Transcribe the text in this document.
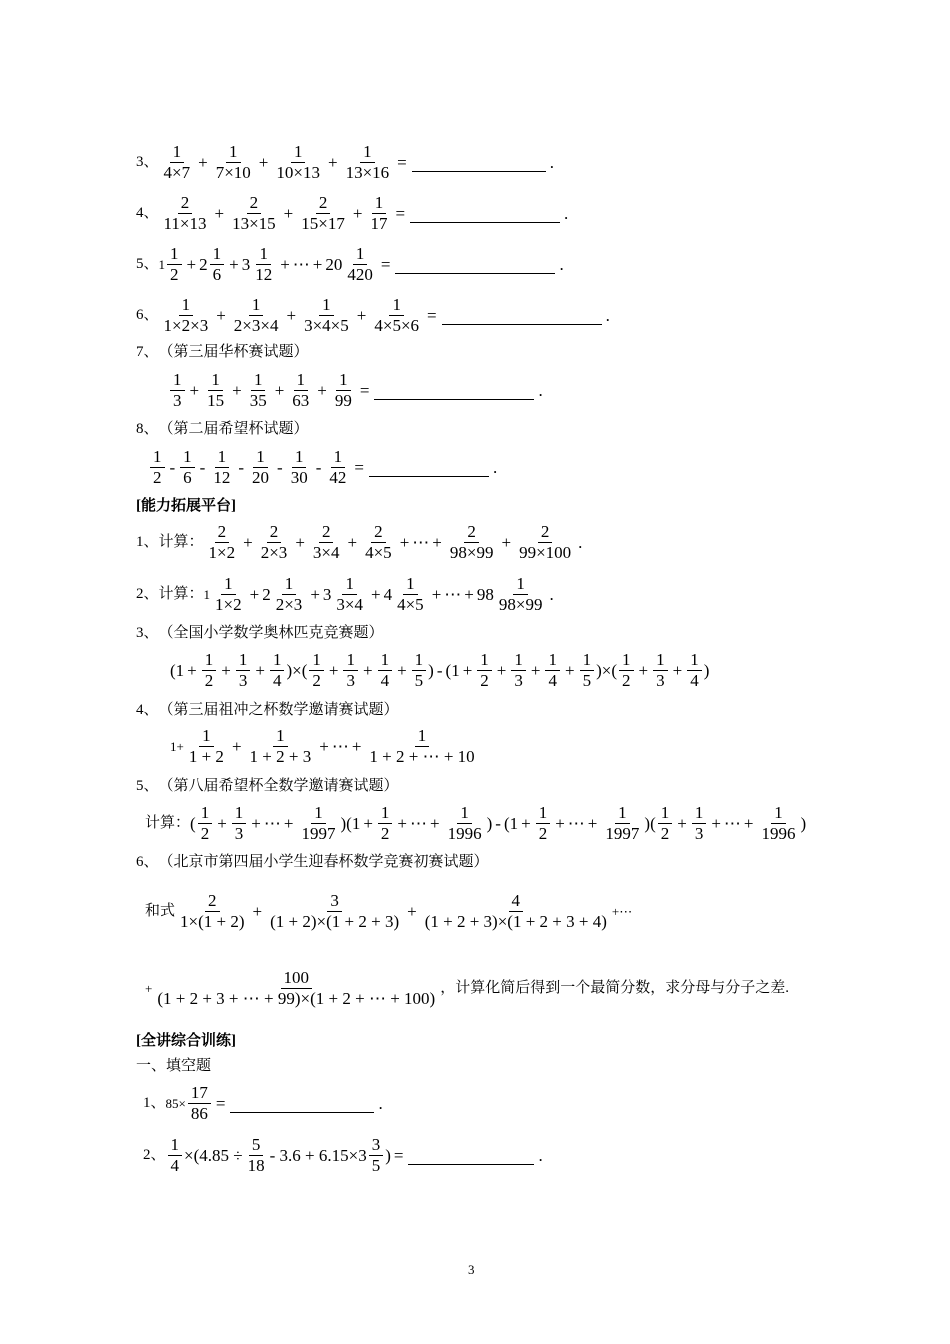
3、
1
4×7
+ $\frac{1}{7\times 10} + \frac{1}{10\times 13} + \frac{1}{13\times 16}$ =	.
4、
2
11×13
+ $\frac{2}{13\times 15} + \frac{2}{15\times 17} + \frac{1}{17}$ =	.
5、 1
1
2
+ 2
1
6
+ 3
1
12
+ ⋯ + 20
1
420
=	.
6、
1
1×2×3
+ $\frac{1}{2\times 3\times 4} + \frac{1}{3\times 4\times 5} + \frac{1}{4\times 5\times 6}$ =	.
7、 （第三届华杯赛试题）
1
3
+ $\frac{1}{15} + \frac{1}{35} + \frac{1}{63} + \frac{1}{99}$ =	.
8、 （第二届希望杯试题）
1
2
-
1
6
-
1
12
-
1
20
-
1
30
- $\frac{1}{42}$ =	.
[能力拓展平台]
1、 计算：
2
1×2
+ $\frac{2}{2\times 3} + \frac{2}{3\times 4} + \frac{2}{4\times 5}$ + ⋯ + $\frac{2}{98\times 99} + \frac{2}{99\times 100}$ .
2、 计算： 1
1
1×2
+ 2
1
2×3
+ 3
1
3×4
+ 4
1
4×5
+ ⋯ + 98
1
98×99
.
3、 （全国小学数学奥林匹克竞赛题）
( $1 + \frac{1}{2} + \frac{1}{3} + \frac{1}{4}$ ) × (
1
2
+ $\frac{1}{3} + \frac{1}{4} + \frac{1}{5}$ ) - ( $1 + \frac{1}{2} + \frac{1}{3} + \frac{1}{4} + \frac{1}{5}$ ) × (
1
2
+ $\frac{1}{3} + \frac{1}{4}$ )
4、 （第三届祖冲之杯数学邀请赛试题）
$1+ \frac{1}{1 + 2} + \frac{1}{1 + 2 + 3}$ + ⋯ + $\frac{1}{1 + 2 + \cdots + 10}$
5、 （第八届希望杯全数学邀请赛试题）
计算： (
1
2
+ $\frac{1}{3}$ + ⋯ + $\frac{1}{1997}$ ) ( $1 + \frac{1}{2}$ + ⋯ + $\frac{1}{1996}$ ) - ( $1 + \frac{1}{2}$ + ⋯ + $\frac{1}{1997}$ ) (
1
2
+ $\frac{1}{3}$ + ⋯ + $\frac{1}{1996}$ )
6、 （北京市第四届小学生迎春杯数学竞赛初赛试题）
和式
2
1×(1 + 2)
+ $\frac{3}{(1 + 2)\times(1 + 2 + 3)} + \frac{4}{(1 + 2 + 3)\times(1 + 2 + 3 + 4)}$ +⋯
+ $\frac{100}{(1 + 2 + 3 + \cdots + 99)\times(1 + 2 + \cdots + 100)}$ ，计算化简后得到一个最简分数，求分母与分子之差.
[全讲综合训练]
一、填空题
1、 $85\times \frac{17}{86}$ =	.
2、 $\frac{1}{4} \times(4.85 \div \frac{5}{18} - 3.6 + 6.15\times 3$
3
5
) =	.
3
